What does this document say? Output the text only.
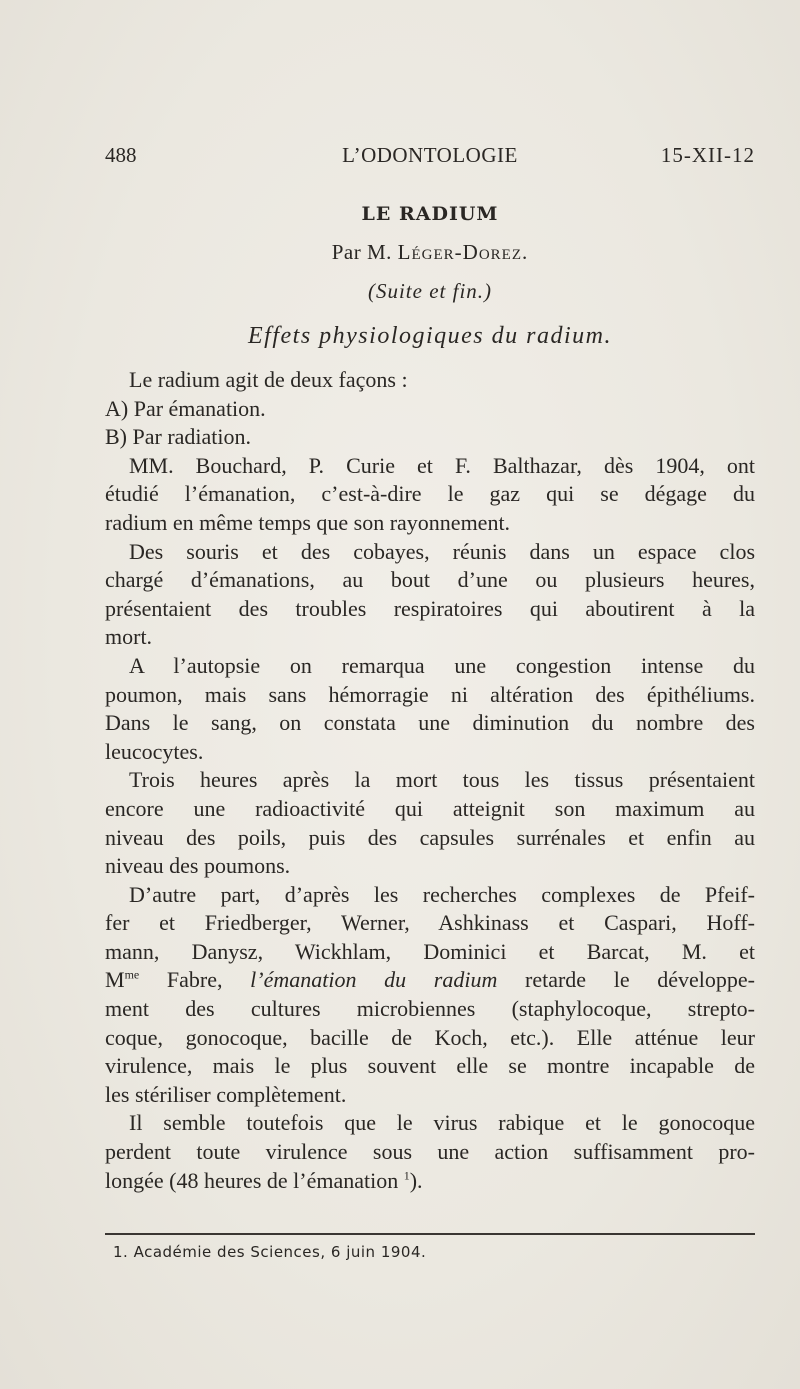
488	L’ODONTOLOGIE	15-XII-12
LE RADIUM
Par M. Léger-Dorez.
(Suite et fin.)
Effets physiologiques du radium.
Le radium agit de deux façons :
A) Par émanation.
B) Par radiation.
MM. Bouchard, P. Curie et F. Balthazar, dès 1904, ont
étudié l’émanation, c’est-à-dire le gaz qui se dégage du
radium en même temps que son rayonnement.
Des souris et des cobayes, réunis dans un espace clos
chargé d’émanations, au bout d’une ou plusieurs heures,
présentaient des troubles respiratoires qui aboutirent à la
mort.
A l’autopsie on remarqua une congestion intense du
poumon, mais sans hémorragie ni altération des épithéliums.
Dans le sang, on constata une diminution du nombre des
leucocytes.
Trois heures après la mort tous les tissus présentaient
encore une radioactivité qui atteignit son maximum au
niveau des poils, puis des capsules surrénales et enfin au
niveau des poumons.
D’autre part, d’après les recherches complexes de Pfeif-
fer et Friedberger, Werner, Ashkinass et Caspari, Hoff-
mann, Danysz, Wickhlam, Dominici et Barcat, M. et
$M^{me}$ Fabre, l’émanation du radium retarde le développe-
ment des cultures microbiennes (staphylocoque, strepto-
coque, gonocoque, bacille de Koch, etc.). Elle atténue leur
virulence, mais le plus souvent elle se montre incapable de
les stériliser complètement.
Il semble toutefois que le virus rabique et le gonocoque
perdent toute virulence sous une action suffisamment pro-
longée (48 heures de l’émanation $^1$).
1. Académie des Sciences, 6 juin 1904.
